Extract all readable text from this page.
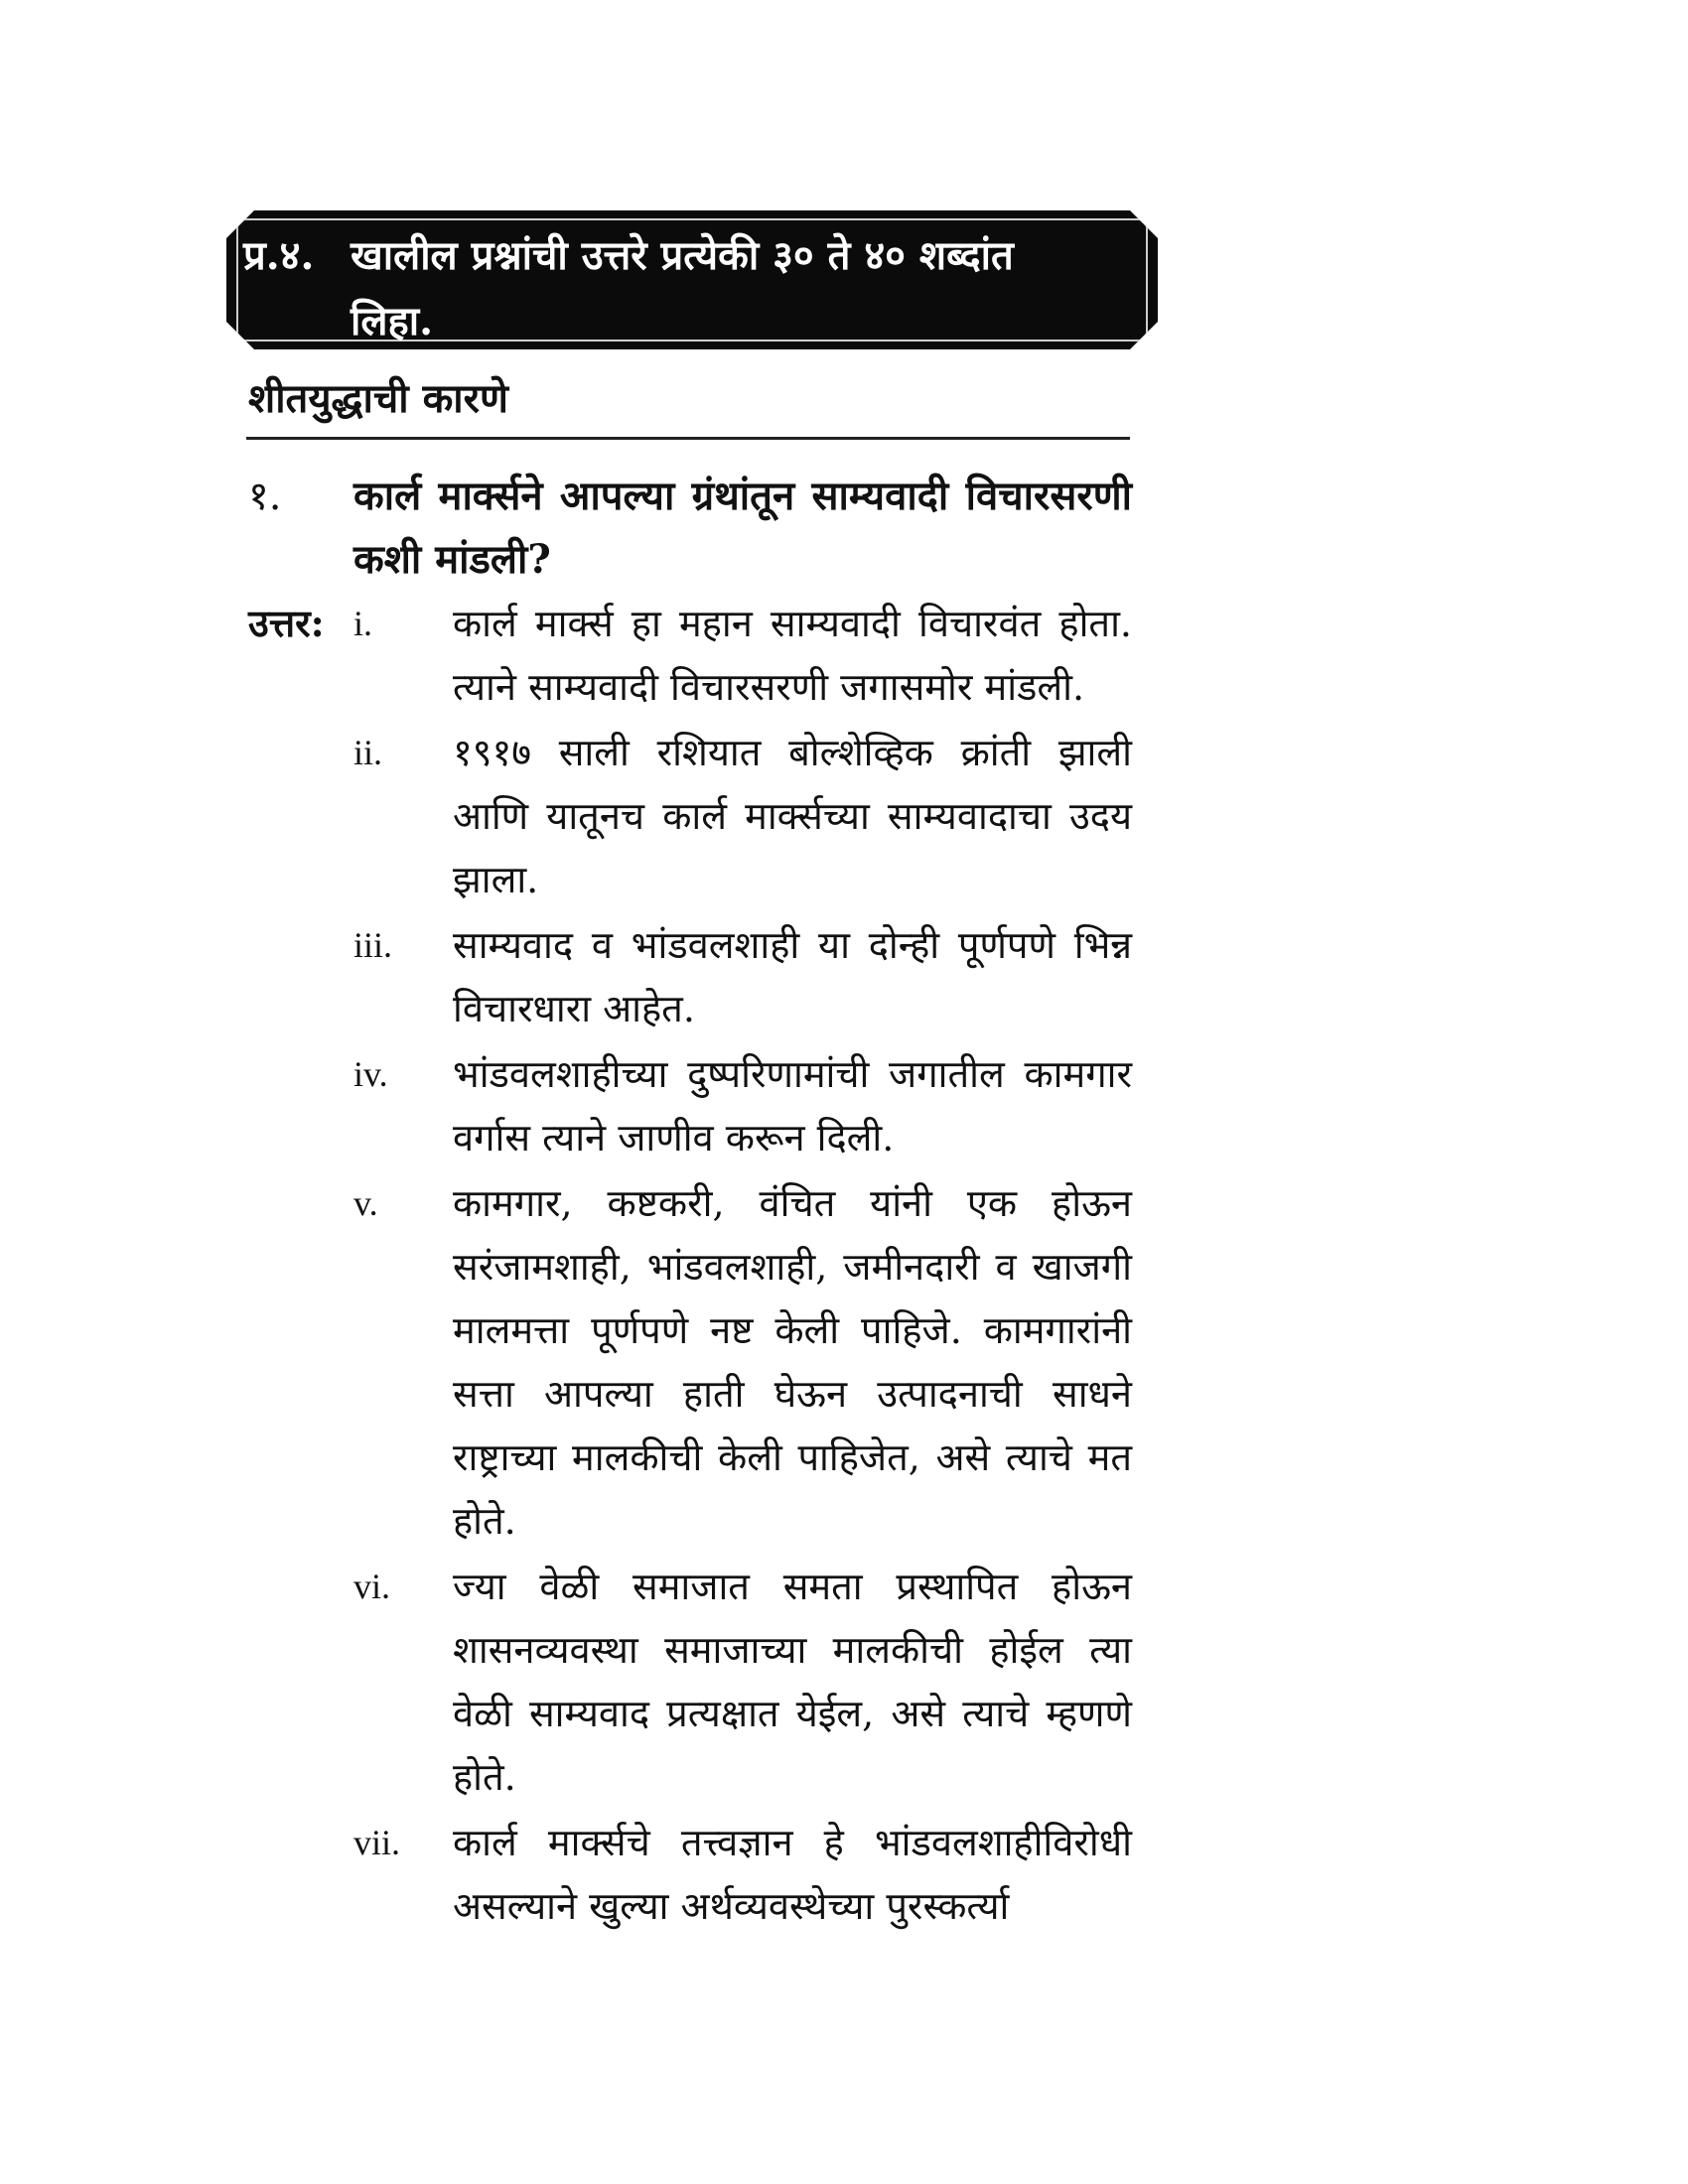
प्र.४. खालील प्रश्नांची उत्तरे प्रत्येकी ३० ते ४० शब्दांत
लिहा.
शीतयुद्धाची कारणे
१. कार्ल मार्क्सने आपल्या ग्रंथांतून साम्यवादी विचारसरणी कशी मांडली?
उत्तर: i. कार्ल मार्क्स हा महान साम्यवादी विचारवंत होता. त्याने साम्यवादी विचारसरणी जगासमोर मांडली.
ii. १९१७ साली रशियात बोल्शेव्हिक क्रांती झाली आणि यातूनच कार्ल मार्क्सच्या साम्यवादाचा उदय झाला.
iii. साम्यवाद व भांडवलशाही या दोन्ही पूर्णपणे भिन्न विचारधारा आहेत.
iv. भांडवलशाहीच्या दुष्परिणामांची जगातील कामगार वर्गास त्याने जाणीव करून दिली.
v. कामगार, कष्टकरी, वंचित यांनी एक होऊन सरंजामशाही, भांडवलशाही, जमीनदारी व खाजगी मालमत्ता पूर्णपणे नष्ट केली पाहिजे. कामगारांनी सत्ता आपल्या हाती घेऊन उत्पादनाची साधने राष्ट्राच्या मालकीची केली पाहिजेत, असे त्याचे मत होते.
vi. ज्या वेळी समाजात समता प्रस्थापित होऊन शासनव्यवस्था समाजाच्या मालकीची होईल त्या वेळी साम्यवाद प्रत्यक्षात येईल, असे त्याचे म्हणणे होते.
vii. कार्ल मार्क्सचे तत्त्वज्ञान हे भांडवलशाहीविरोधी असल्याने खुल्या अर्थव्यवस्थेच्या पुरस्कर्त्या
